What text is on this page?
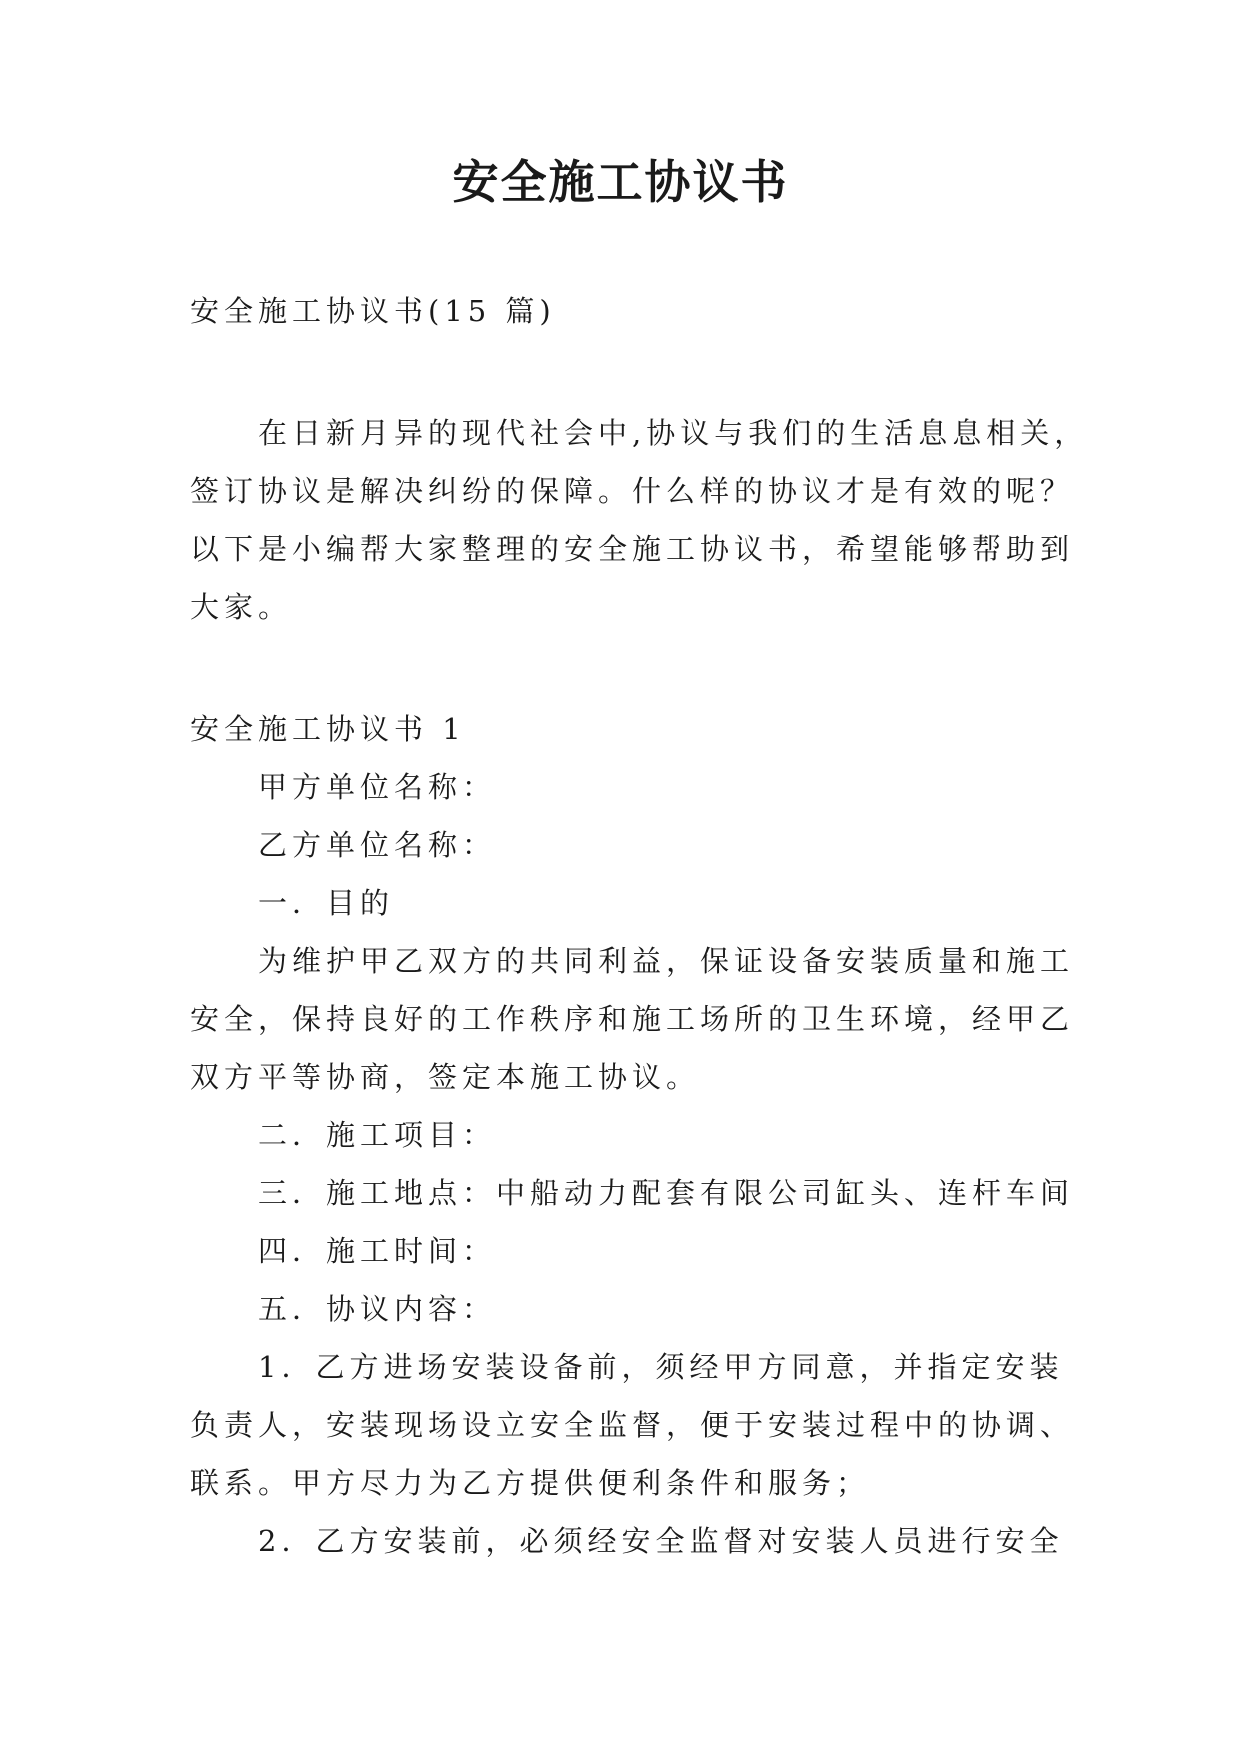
安全施工协议书

安全施工协议书(15 篇)

在日新月异的现代社会中,协议与我们的生活息息相关，

签订协议是解决纠纷的保障。什么样的协议才是有效的呢？

以下是小编帮大家整理的安全施工协议书，希望能够帮助到

大家。

安全施工协议书 1

甲方单位名称：

乙方单位名称：

一．目的

为维护甲乙双方的共同利益，保证设备安装质量和施工

安全，保持良好的工作秩序和施工场所的卫生环境，经甲乙

双方平等协商，签定本施工协议。

二．施工项目：

三．施工地点：中船动力配套有限公司缸头、连杆车间

四．施工时间：

五．协议内容：

1．乙方进场安装设备前，须经甲方同意，并指定安装

负责人，安装现场设立安全监督，便于安装过程中的协调、

联系。甲方尽力为乙方提供便利条件和服务；

2．乙方安装前，必须经安全监督对安装人员进行安全
